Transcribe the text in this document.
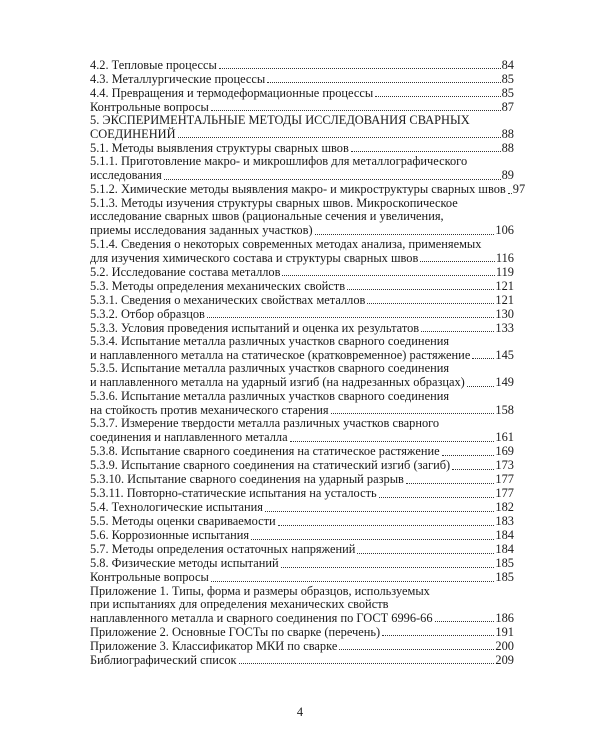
4.2. Тепловые процессы	84
4.3. Металлургические процессы	85
4.4. Превращения и термодеформационные процессы	85
Контрольные вопросы	87
5. ЭКСПЕРИМЕНТАЛЬНЫЕ МЕТОДЫ ИССЛЕДОВАНИЯ СВАРНЫХ
СОЕДИНЕНИЙ	88
5.1. Методы выявления структуры сварных швов	88
5.1.1. Приготовление макро- и микрошлифов для металлографического
исследования	89
5.1.2. Химические методы выявления макро- и микроструктуры сварных швов 97
5.1.3. Методы изучения структуры сварных швов. Микроскопическое
исследование сварных швов (рациональные сечения и увеличения,
приемы исследования заданных участков)	106
5.1.4. Сведения о некоторых современных методах анализа, применяемых
для изучения химического состава и структуры сварных швов	116
5.2. Исследование состава металлов	119
5.3. Методы определения механических свойств	121
5.3.1. Сведения о механических свойствах металлов	121
5.3.2. Отбор образцов	130
5.3.3. Условия проведения испытаний и оценка их результатов	133
5.3.4. Испытание металла различных участков сварного соединения
и наплавленного металла на статическое (кратковременное) растяжение 145
5.3.5. Испытание металла различных участков сварного соединения
и наплавленного металла на ударный изгиб (на надрезанных образцах) 149
5.3.6. Испытание металла различных участков сварного соединения
на стойкость против механического старения	158
5.3.7. Измерение твердости металла различных участков сварного
соединения и наплавленного металла	161
5.3.8. Испытание сварного соединения на статическое растяжение	169
5.3.9. Испытание сварного соединения на статический изгиб (загиб)	173
5.3.10. Испытание сварного соединения на ударный разрыв	177
5.3.11. Повторно-статические испытания на усталость	177
5.4. Технологические испытания	182
5.5. Методы оценки свариваемости	183
5.6. Коррозионные испытания	184
5.7. Методы определения остаточных напряжений	184
5.8. Физические методы испытаний	185
Контрольные вопросы	185
Приложение 1. Типы, форма и размеры образцов, используемых
при испытаниях для определения механических свойств
наплавленного металла и сварного соединения по ГОСТ 6996-66	186
Приложение 2. Основные ГОСТы по сварке (перечень)	191
Приложение 3. Классификатор МКИ по сварке	200
Библиографический список	209
4
